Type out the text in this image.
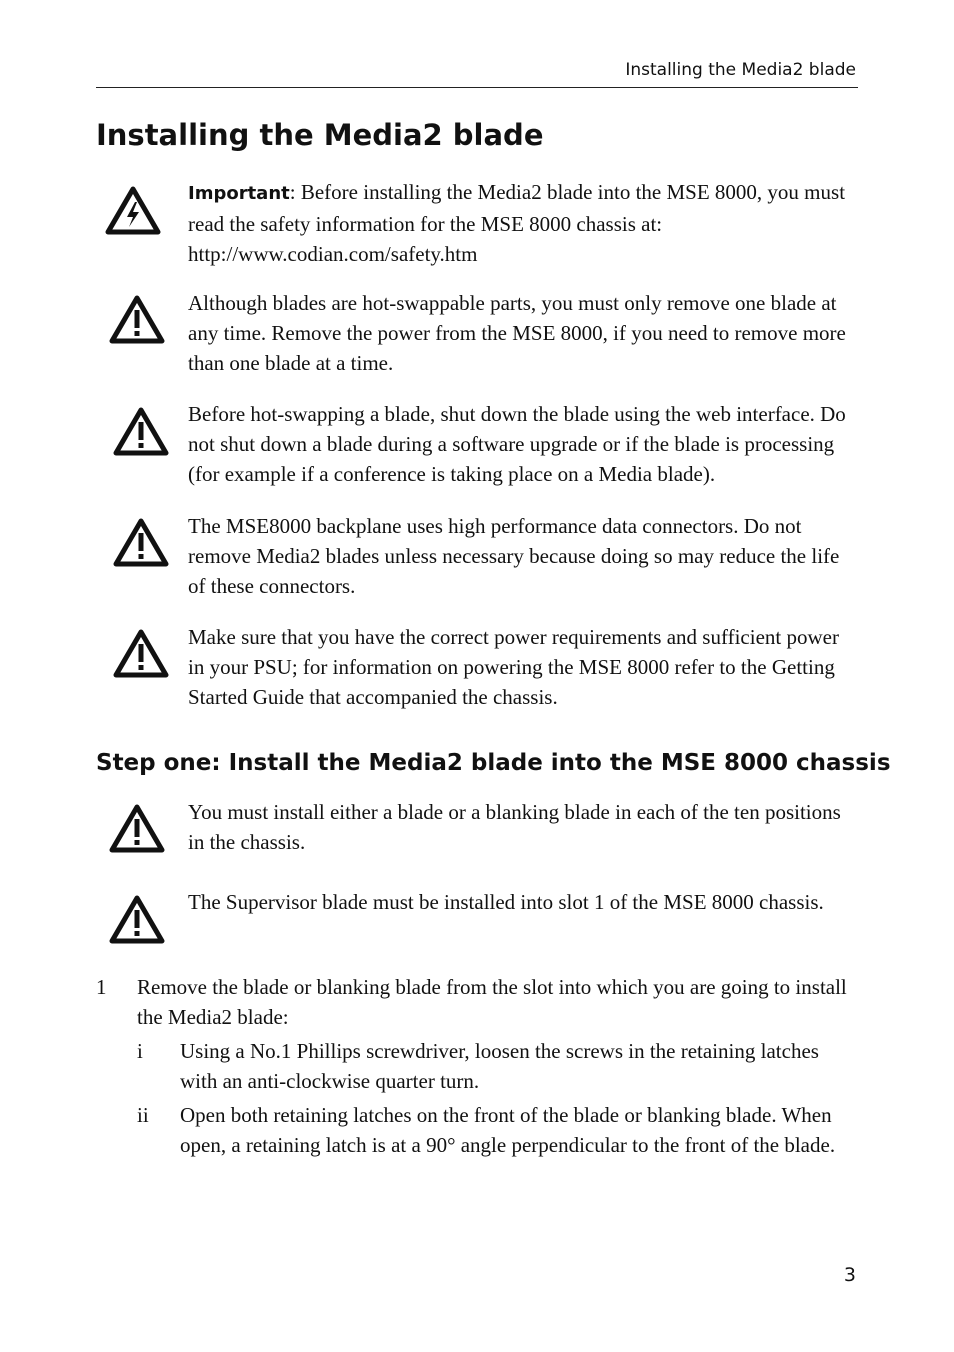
Installing the Media2 blade
Installing the Media2 blade

Important: Before installing the Media2 blade into the MSE 8000, you must read the safety information for the MSE 8000 chassis at: http://www.codian.com/safety.htm

Although blades are hot-swappable parts, you must only remove one blade at any time. Remove the power from the MSE 8000, if you need to remove more than one blade at a time.

Before hot-swapping a blade, shut down the blade using the web interface. Do not shut down a blade during a software upgrade or if the blade is processing (for example if a conference is taking place on a Media blade).

The MSE8000 backplane uses high performance data connectors. Do not remove Media2 blades unless necessary because doing so may reduce the life of these connectors.

Make sure that you have the correct power requirements and sufficient power in your PSU; for information on powering the MSE 8000 refer to the Getting Started Guide that accompanied the chassis.

Step one: Install the Media2 blade into the MSE 8000 chassis

You must install either a blade or a blanking blade in each of the ten positions in the chassis.

The Supervisor blade must be installed into slot 1 of the MSE 8000 chassis.

1 Remove the blade or blanking blade from the slot into which you are going to install the Media2 blade:

i Using a No.1 Phillips screwdriver, loosen the screws in the retaining latches with an anti-clockwise quarter turn.

ii Open both retaining latches on the front of the blade or blanking blade. When open, a retaining latch is at a 90° angle perpendicular to the front of the blade.

3
